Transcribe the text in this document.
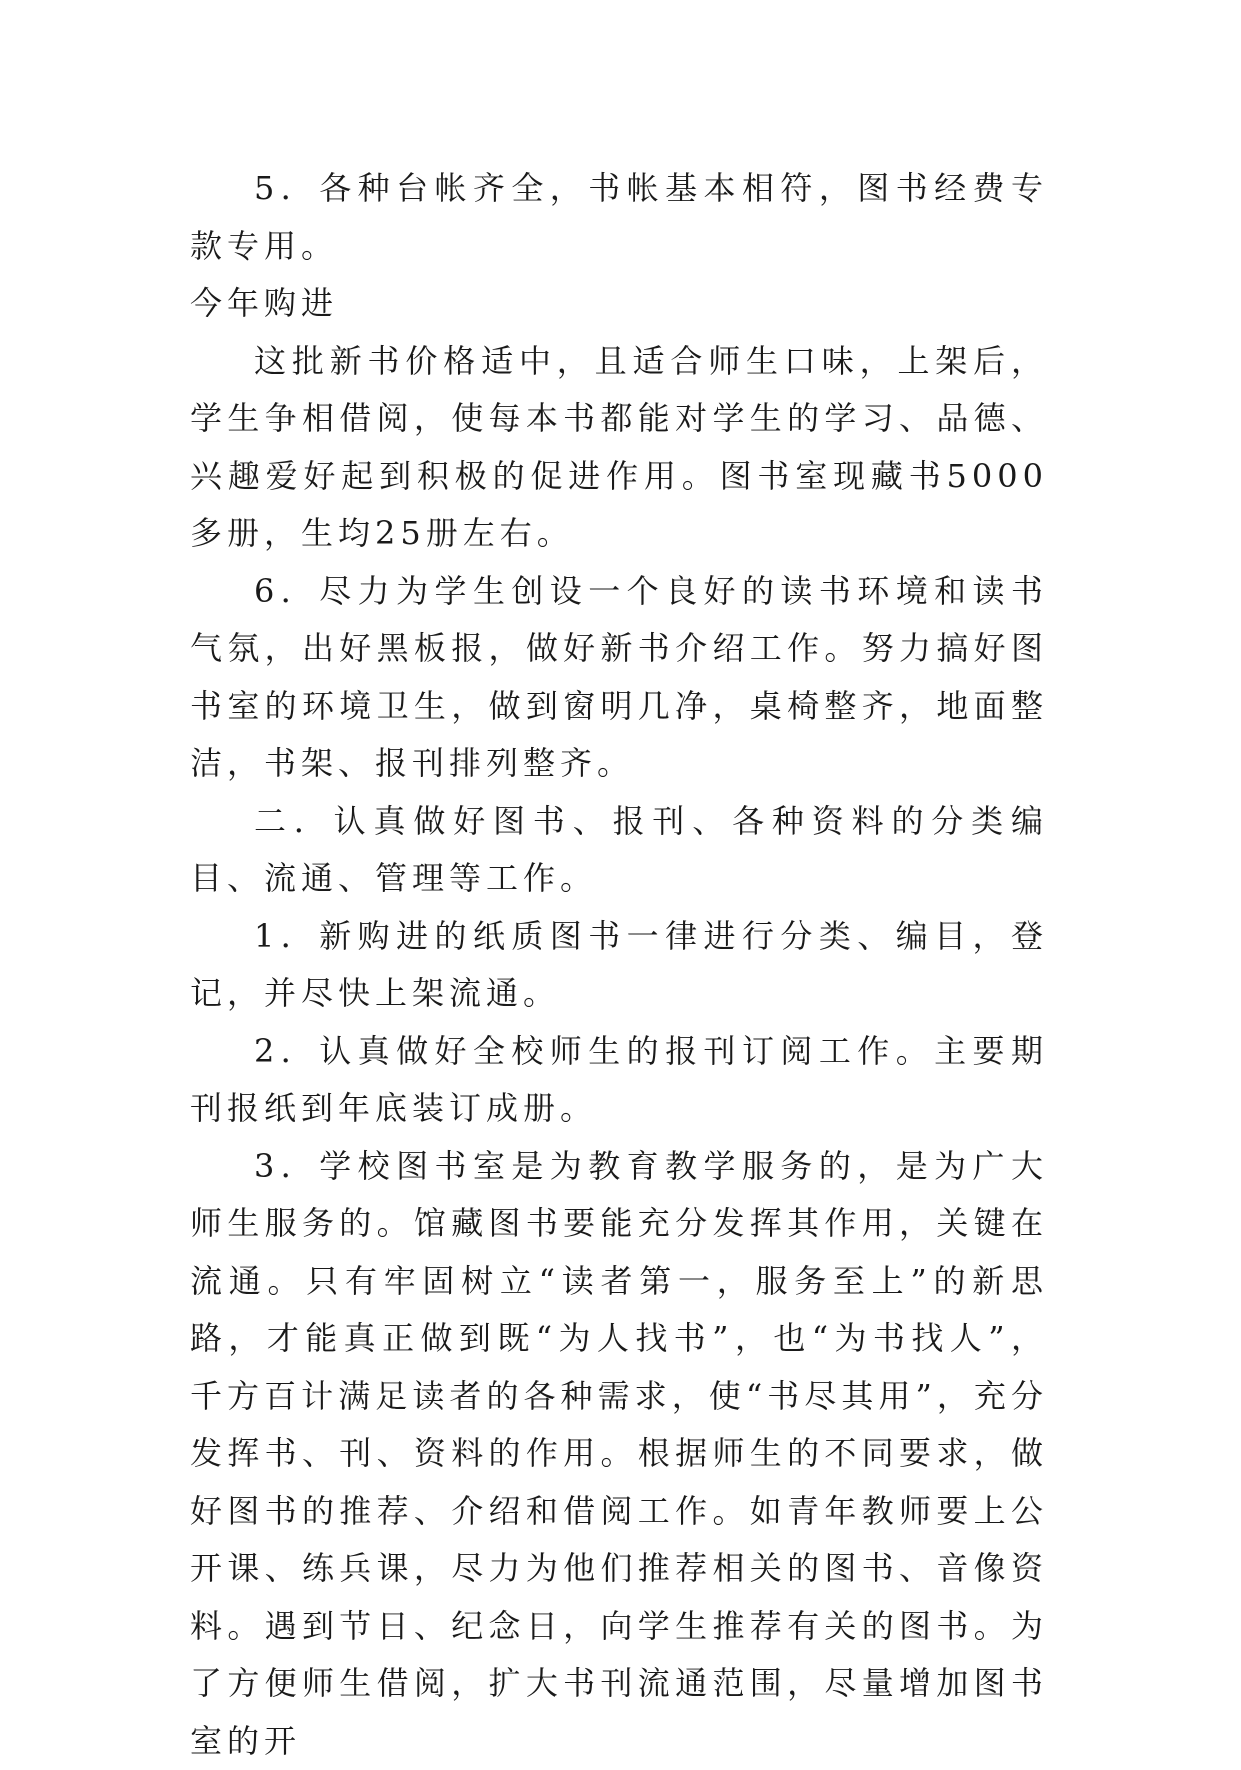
5．各种台帐齐全，书帐基本相符，图书经费专款专用。

今年购进

这批新书价格适中，且适合师生口味，上架后，学生争相借阅，使每本书都能对学生的学习、品德、兴趣爱好起到积极的促进作用。图书室现藏书5000多册，生均25册左右。

6．尽力为学生创设一个良好的读书环境和读书气氛，出好黑板报，做好新书介绍工作。努力搞好图书室的环境卫生，做到窗明几净，桌椅整齐，地面整洁，书架、报刊排列整齐。

二．认真做好图书、报刊、各种资料的分类编目、流通、管理等工作。

1．新购进的纸质图书一律进行分类、编目，登记，并尽快上架流通。

2．认真做好全校师生的报刊订阅工作。主要期刊报纸到年底装订成册。

3．学校图书室是为教育教学服务的，是为广大师生服务的。馆藏图书要能充分发挥其作用，关键在流通。只有牢固树立“读者第一，服务至上”的新思路，才能真正做到既“为人找书”，也“为书找人”，千方百计满足读者的各种需求，使“书尽其用”，充分发挥书、刊、资料的作用。根据师生的不同要求，做好图书的推荐、介绍和借阅工作。如青年教师要上公开课、练兵课，尽力为他们推荐相关的图书、音像资料。遇到节日、纪念日，向学生推荐有关的图书。为了方便师生借阅，扩大书刊流通范围，尽量增加图书室的开
